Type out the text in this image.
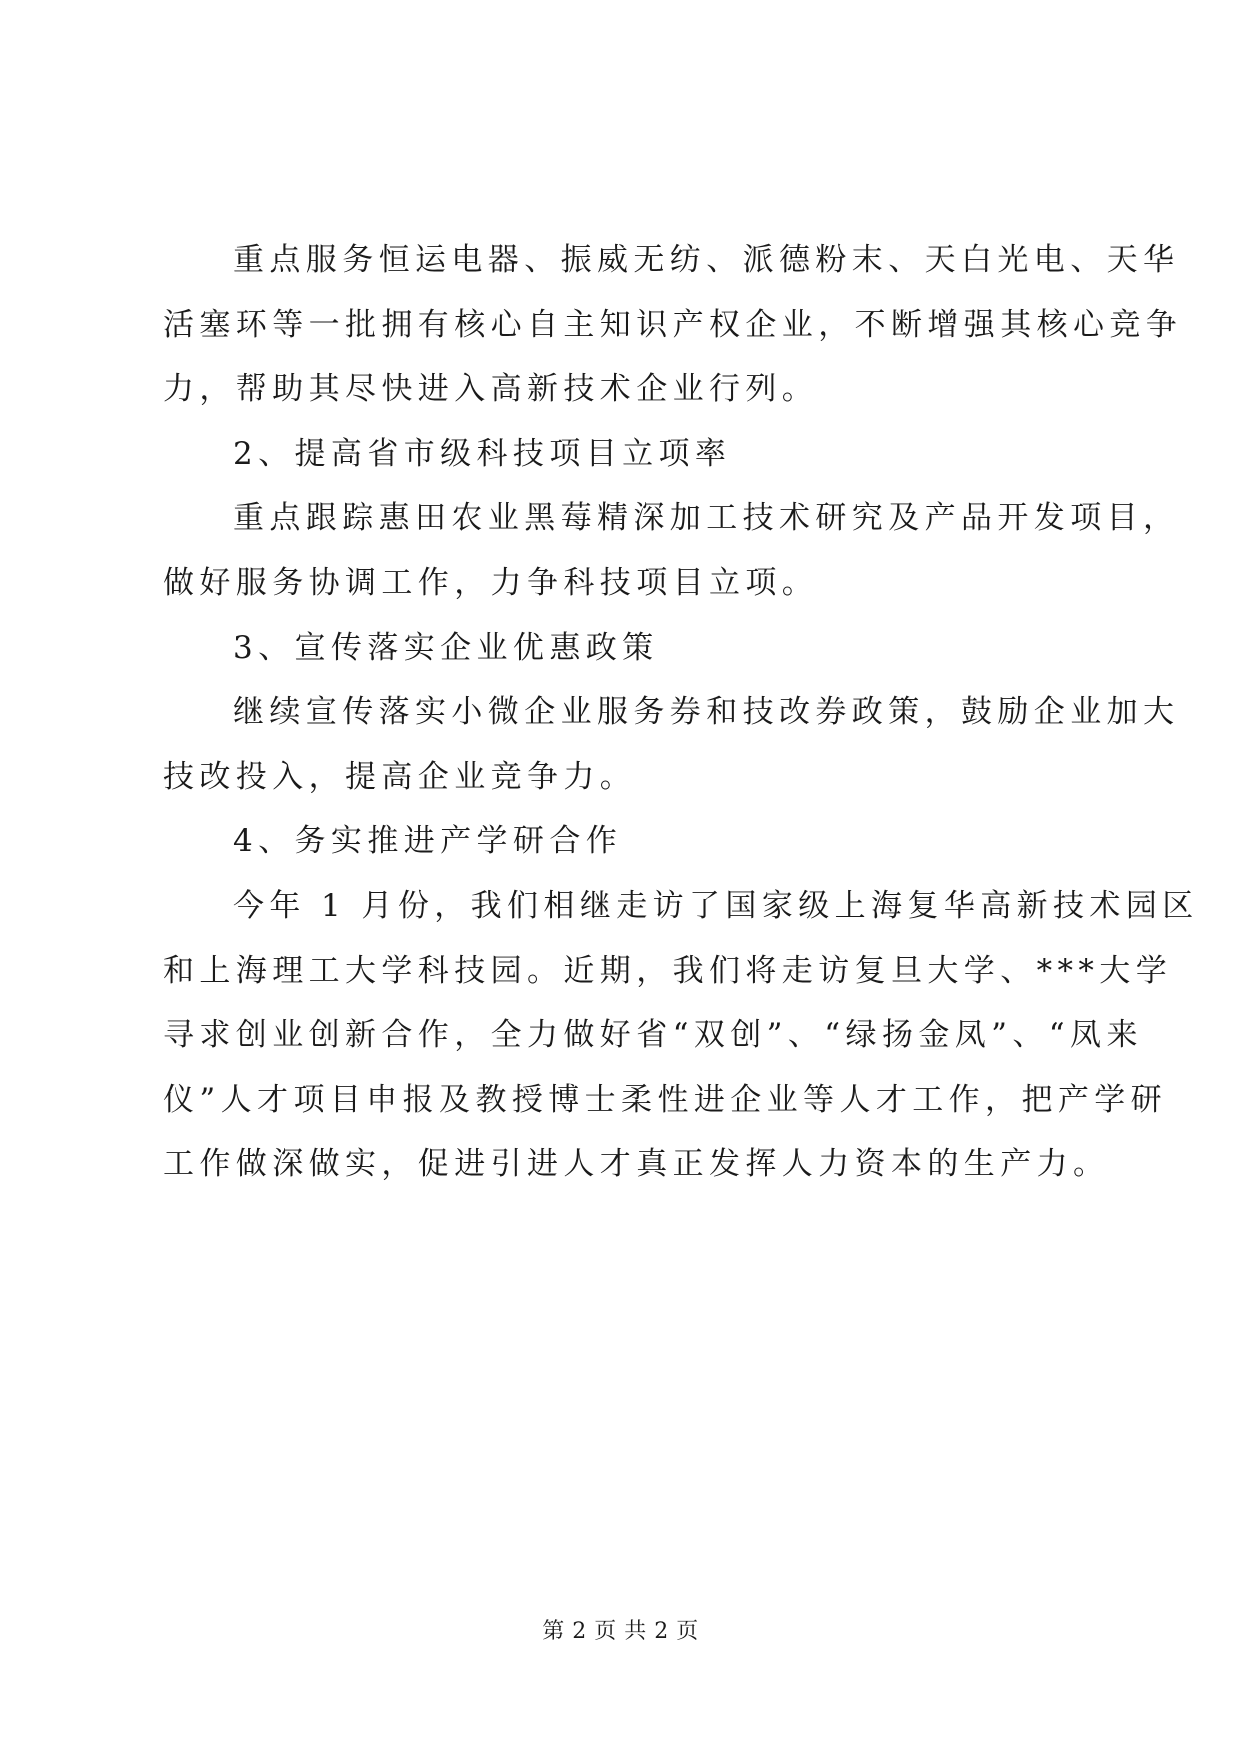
重点服务恒运电器、振威无纺、派德粉末、天白光电、天华
活塞环等一批拥有核心自主知识产权企业，不断增强其核心竞争
力，帮助其尽快进入高新技术企业行列。
2、提高省市级科技项目立项率
重点跟踪惠田农业黑莓精深加工技术研究及产品开发项目，
做好服务协调工作，力争科技项目立项。
3、宣传落实企业优惠政策
继续宣传落实小微企业服务券和技改券政策，鼓励企业加大
技改投入，提高企业竞争力。
4、务实推进产学研合作
今年 1 月份，我们相继走访了国家级上海复华高新技术园区
和上海理工大学科技园。近期，我们将走访复旦大学、***大学
寻求创业创新合作，全力做好省“双创”、“绿扬金凤”、“凤来
仪”人才项目申报及教授博士柔性进企业等人才工作，把产学研
工作做深做实，促进引进人才真正发挥人力资本的生产力。
第 2 页 共 2 页
